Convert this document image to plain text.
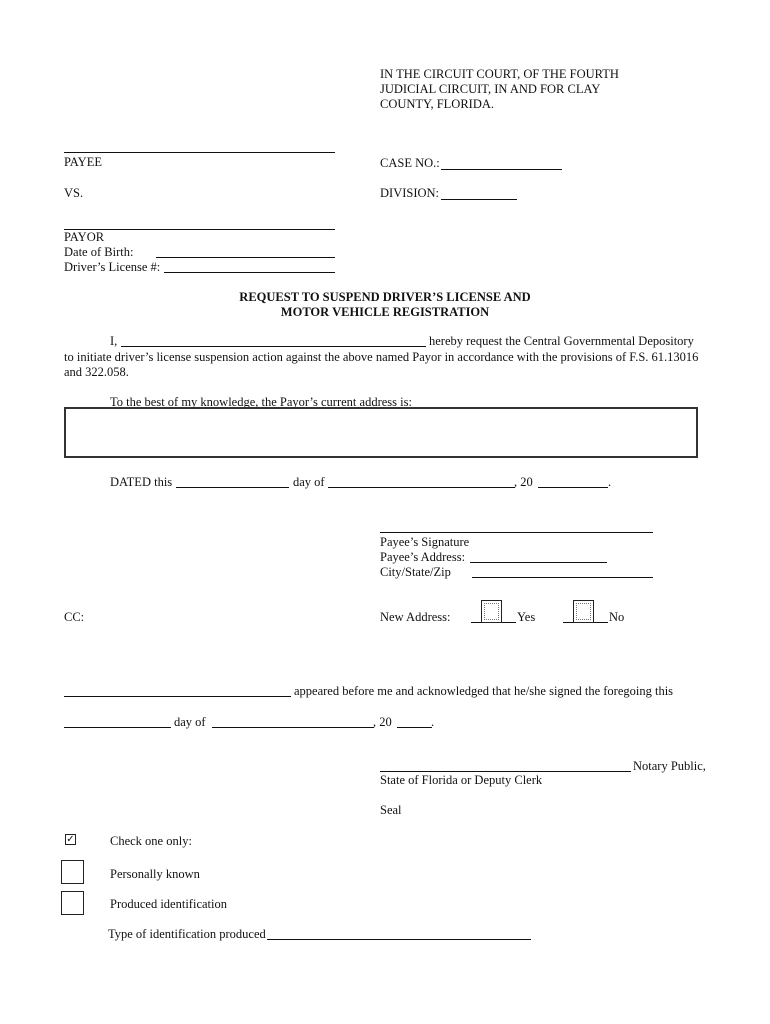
IN THE CIRCUIT COURT, OF THE FOURTH
JUDICIAL CIRCUIT, IN AND FOR CLAY
COUNTY, FLORIDA.
PAYEE	CASE NO.:
VS.	DIVISION:
PAYOR
Date of Birth:
Driver’s License #:
REQUEST TO SUSPEND DRIVER’S LICENSE AND
MOTOR VEHICLE REGISTRATION
I,	hereby request the Central Governmental Depository
to initiate driver’s license suspension action against the above named Payor in accordance with the provisions of F.S. 61.13016
and 322.058.
To the best of my knowledge, the Payor’s current address is:
DATED this	day of	, 20	.
Payee’s Signature
Payee’s Address:
City/State/Zip
CC:	New Address:	Yes	No
appeared before me and acknowledged that he/she signed the foregoing this
day of	, 20	.
Notary Public,
State of Florida or Deputy Clerk
Seal
✓	Check one only:
Personally known
Produced identification
Type of identification produced
